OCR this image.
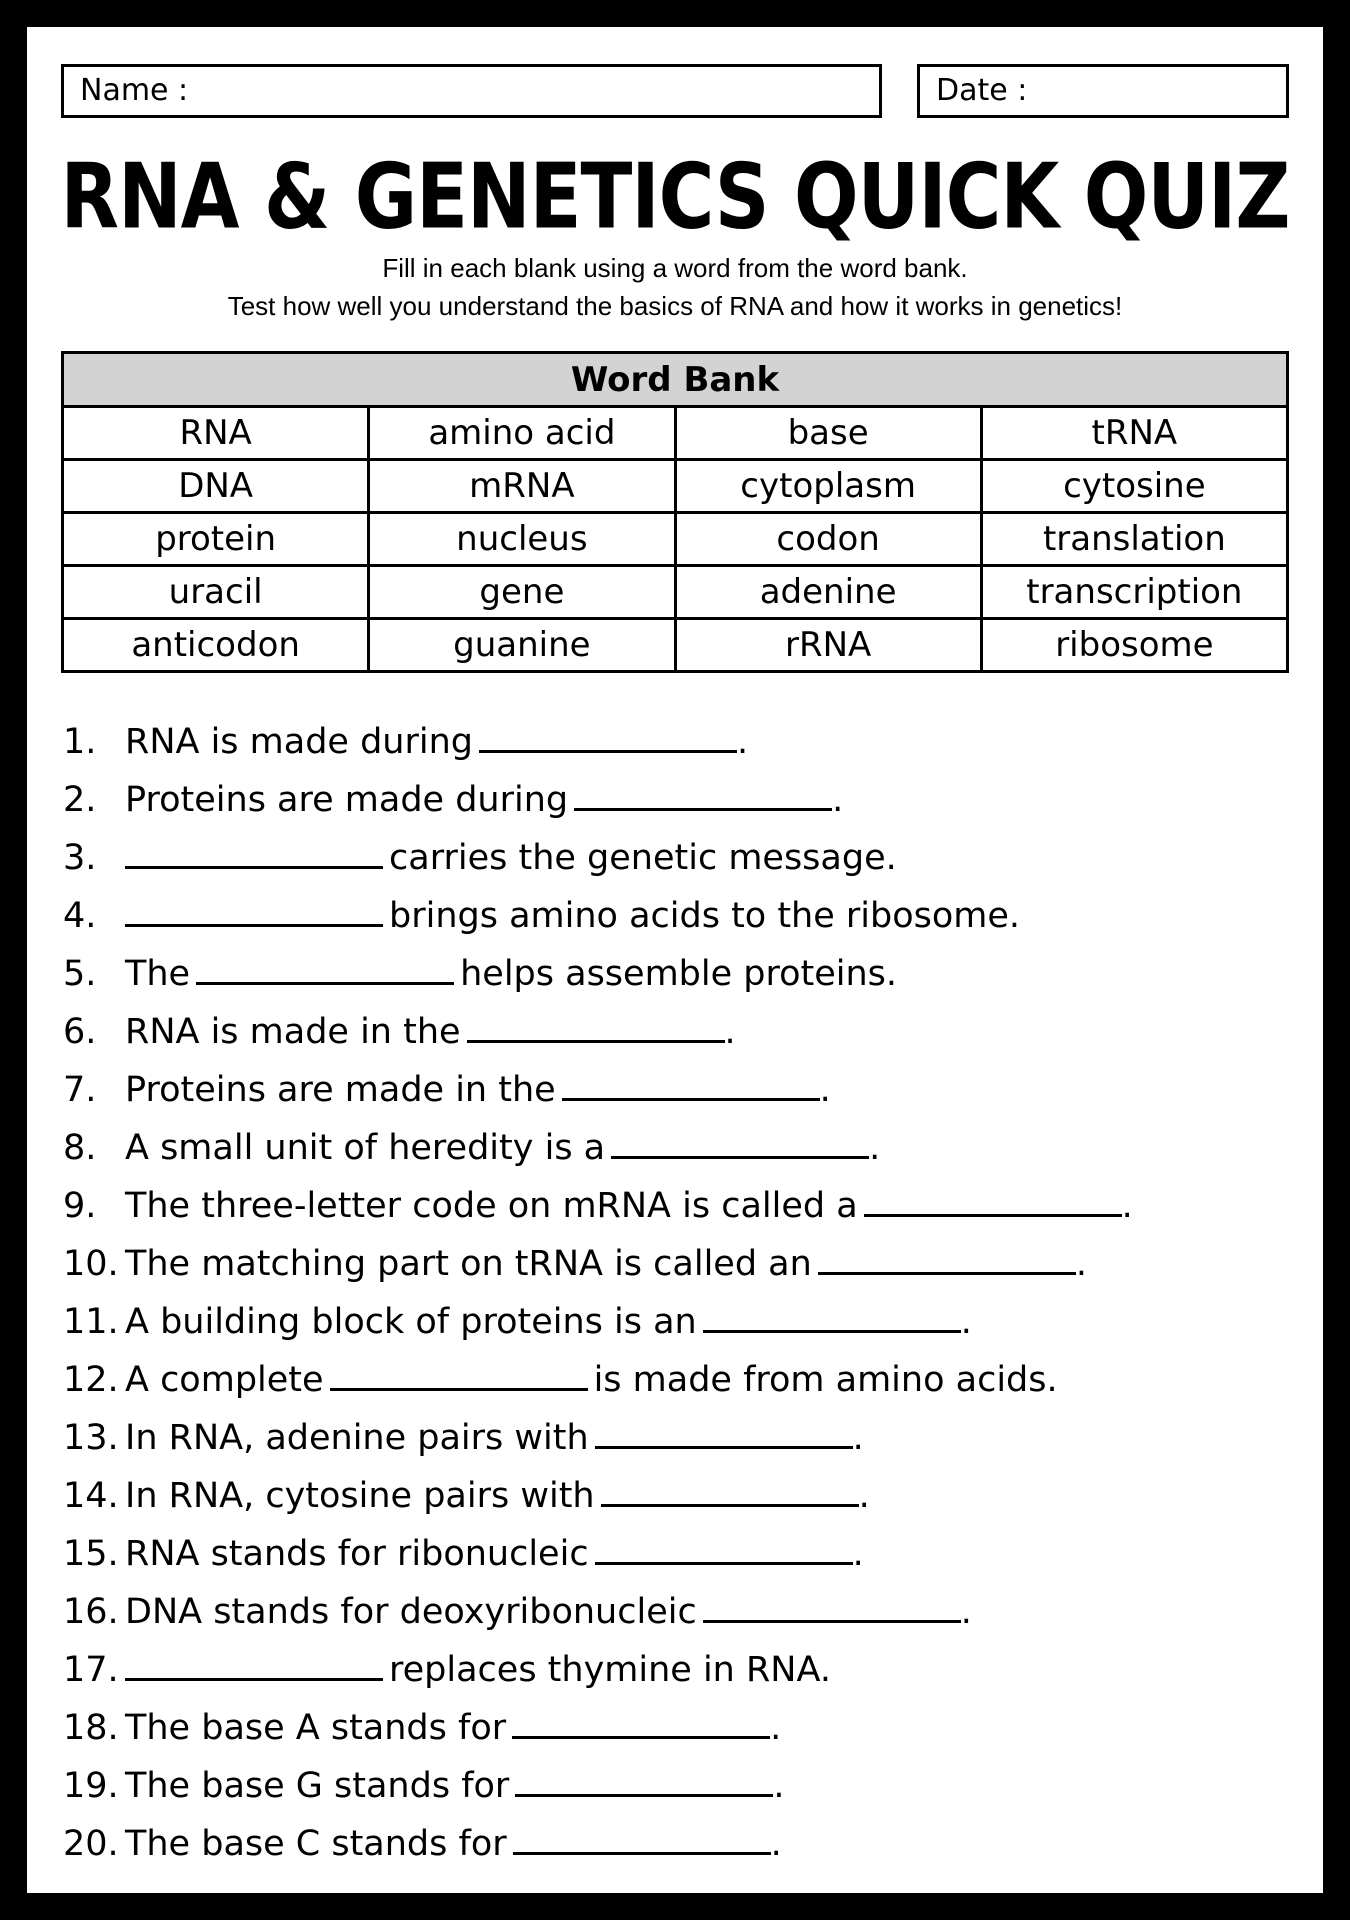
Name :	Date :
RNA & GENETICS QUICK QUIZ
Fill in each blank using a word from the word bank.
Test how well you understand the basics of RNA and how it works in genetics!
Word Bank			
RNA	amino acid	base	tRNA
DNA	mRNA	cytoplasm	cytosine
protein	nucleus	codon	translation
uracil	gene	adenine	transcription
anticodon	guanine	rRNA	ribosome
1. RNA is made during	.
2. Proteins are made during	.
3.	carries the genetic message.
4.	brings amino acids to the ribosome.
5. The	helps assemble proteins.
6. RNA is made in the	.
7. Proteins are made in the	.
8. A small unit of heredity is a	.
9. The three-letter code on mRNA is called a	.
10. The matching part on tRNA is called an	.
11. A building block of proteins is an	.
12. A complete	is made from amino acids.
13. In RNA, adenine pairs with	.
14. In RNA, cytosine pairs with	.
15. RNA stands for ribonucleic	.
16. DNA stands for deoxyribonucleic	.
17.	replaces thymine in RNA.
18. The base A stands for	.
19. The base G stands for	.
20. The base C stands for	.
